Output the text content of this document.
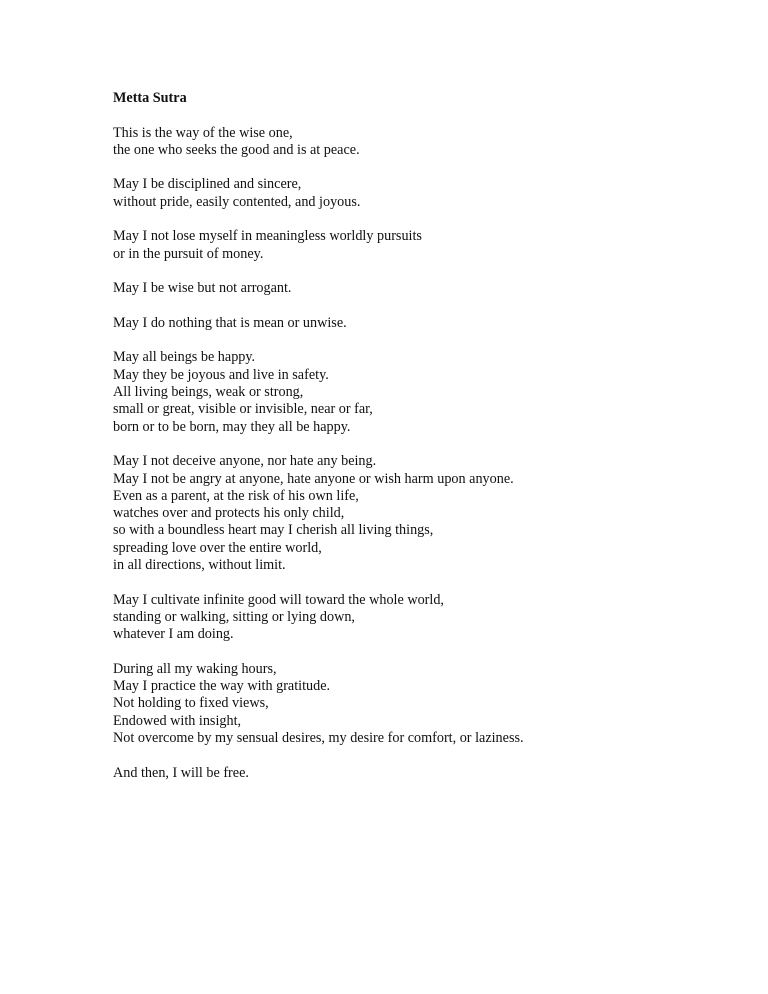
Metta Sutra
This is the way of the wise one,
the one who seeks the good and is at peace.
May I be disciplined and sincere,
without pride, easily contented, and joyous.
May I not lose myself in meaningless worldly pursuits
or in the pursuit of money.
May I be wise but not arrogant.
May I do nothing that is mean or unwise.
May all beings be happy.
May they be joyous and live in safety.
All living beings, weak or strong,
small or great, visible or invisible, near or far,
born or to be born, may they all be happy.
May I not deceive anyone, nor hate any being.
May I not be angry at anyone, hate anyone or wish harm upon anyone.
Even as a parent, at the risk of his own life,
watches over and protects his only child,
so with a boundless heart may I cherish all living things,
spreading love over the entire world,
in all directions, without limit.
May I cultivate infinite good will toward the whole world,
standing or walking, sitting or lying down,
whatever I am doing.
During all my waking hours,
May I practice the way with gratitude.
Not holding to fixed views,
Endowed with insight,
Not overcome by my sensual desires, my desire for comfort, or laziness.
And then, I will be free.
